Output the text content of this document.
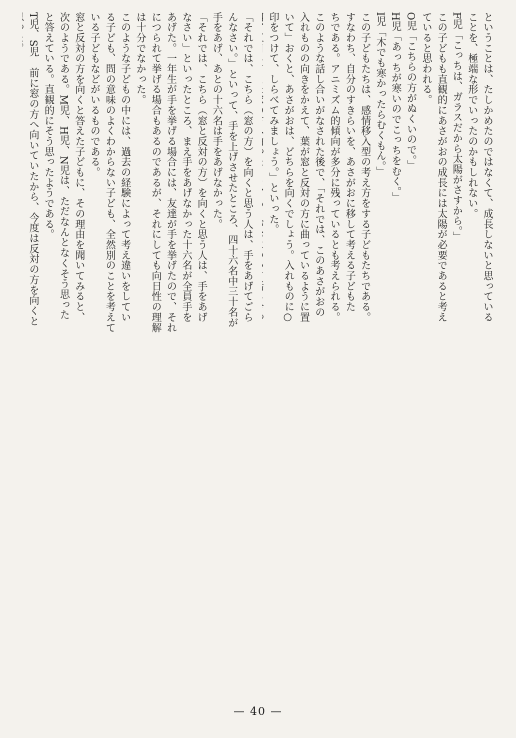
ということは、たしかめたのではなくて、成長しないと思っている
ことを、極端な形でいったのかもしれない。
F児「こっちは、ガラスだから太陽がさすから。」
この子どもも直観的にあさがおの成長には太陽が必要であると考え
ていると思われる。
O児「こちらの方がぬくいので。」
H児「あっちが寒いのでこっちをむく。」
I児「木でも寒かったらむくもん。」
この子どもたちは、感情移入型の考え方をする子どもたちである。
すなわち、自分のすきらいを、あさがおに移して考える子どもた
ちである。アニミズム的傾向が多分に残っているとも考えられる。
このような話し合いがなされた後で、「それでは、このあさがおの
入れものの向きをかえて、葉が窓と反対の方に曲っているように置
いて」おくと、あさがおは、どちらを向くでしょう。入れものに○
印をつけて、しらべてみましょう。」といった。
「それでは、こちら（窓の方）を向くと思う人は、手をあげてごら
んなさい。」といって、手を上げさせたところ、四十六名中三十名が
手をあげ、あとの十六名は手をあげなかった。
「それでは、こちら（窓と反対の方）を向くと思う人は、手をあげ
なさい」といったところ、まえ手をあげなかった十六名が全員手を
あげた。一年生が手を挙げる場合には、友達が手を挙げたので、それ
につられて挙げる場合もあるのであるが、それにしても向日性の理解
は十分でなかった。
このような子どもの中には、過去の経験によって考え違いをしてい
る子ども、問の意味のよくわからない子ども、全然別のことを考えて
いる子どもなどがいるものである。
窓と反対の方を向くと答えた子どもに、その理由を聞いてみると、
次のようである。M児、H児、N児は、ただなんとなくそう思った
と答えている。直観的にそう思ったようである。
T児、S児　前に窓の方へ向いていたから、今度は反対の方を向くと
— 40 —
